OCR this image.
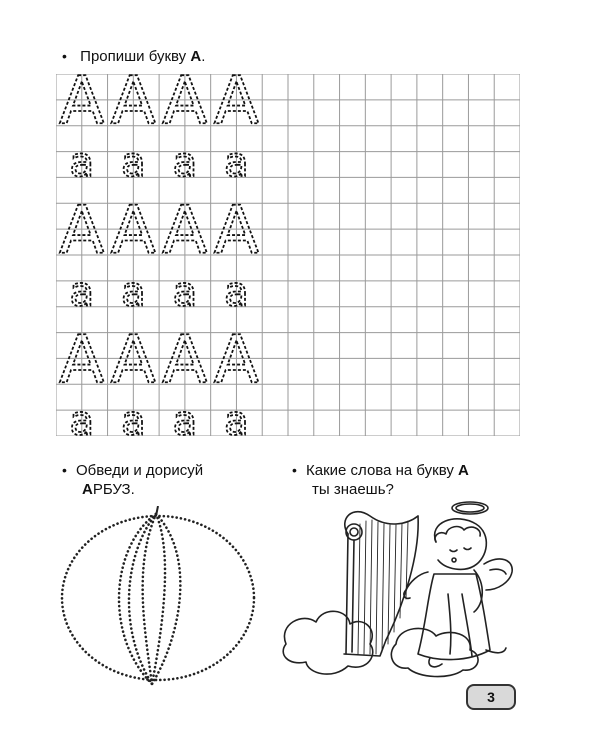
• Пропиши букву А.
А А А А
а а а а
А А А А
а а а а
А А А А
а а а а
• Обведи и дорисуй
АРБУЗ.
• Какие слова на букву А
ты знаешь?
3
